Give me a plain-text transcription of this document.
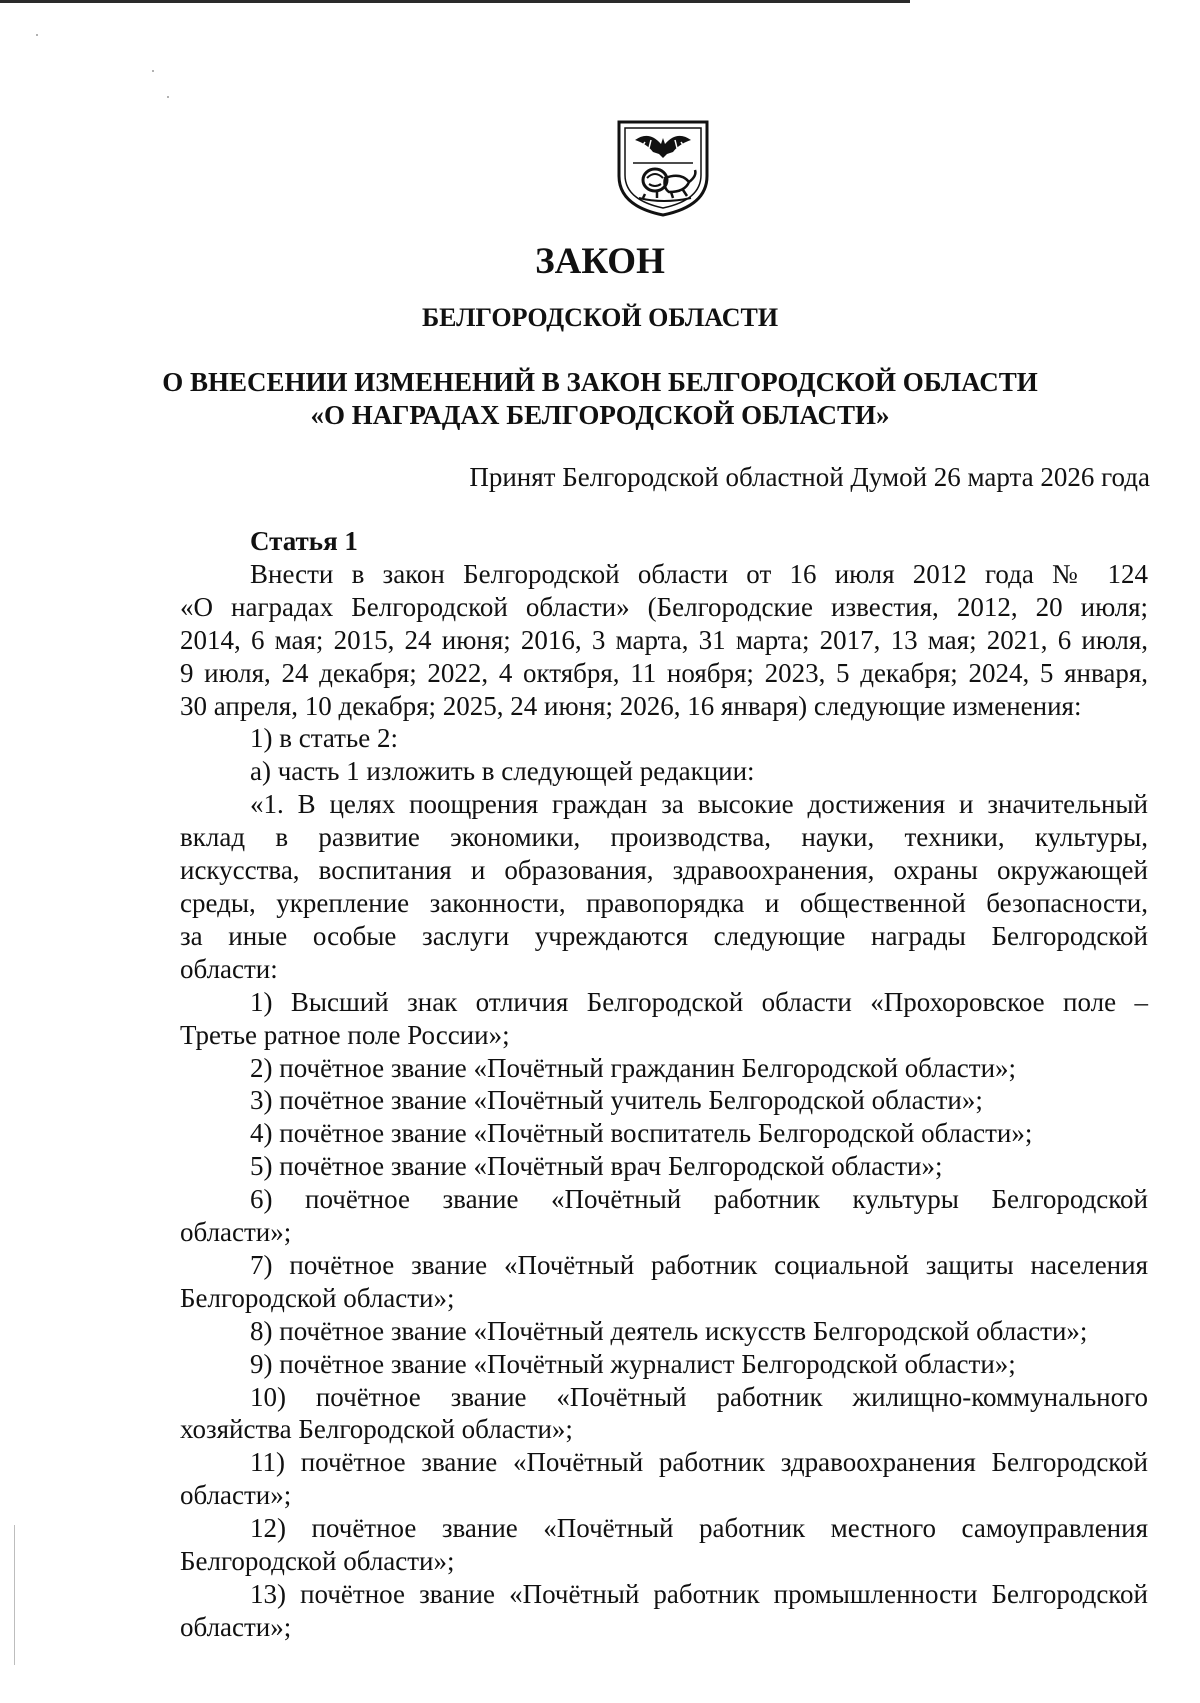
ЗАКОН
БЕЛГОРОДСКОЙ ОБЛАСТИ
О ВНЕСЕНИИ ИЗМЕНЕНИЙ В ЗАКОН БЕЛГОРОДСКОЙ ОБЛАСТИ
«О НАГРАДАХ БЕЛГОРОДСКОЙ ОБЛАСТИ»
Принят Белгородской областной Думой 26 марта 2026 года

Статья 1

Внести в закон Белгородской области от 16 июля 2012 года № 124

«О наградах Белгородской области» (Белгородские известия, 2012, 20 июля;

2014, 6 мая; 2015, 24 июня; 2016, 3 марта, 31 марта; 2017, 13 мая; 2021, 6 июля,

9 июля, 24 декабря; 2022, 4 октября, 11 ноября; 2023, 5 декабря; 2024, 5 января,

30 апреля, 10 декабря; 2025, 24 июня; 2026, 16 января) следующие изменения:

1) в статье 2:

а) часть 1 изложить в следующей редакции:

«1. В целях поощрения граждан за высокие достижения и значительный

вклад в развитие экономики, производства, науки, техники, культуры,

искусства, воспитания и образования, здравоохранения, охраны окружающей

среды, укрепление законности, правопорядка и общественной безопасности,

за иные особые заслуги учреждаются следующие награды Белгородской

области:

1) Высший знак отличия Белгородской области «Прохоровское поле –

Третье ратное поле России»;

2) почётное звание «Почётный гражданин Белгородской области»;

3) почётное звание «Почётный учитель Белгородской области»;

4) почётное звание «Почётный воспитатель Белгородской области»;

5) почётное звание «Почётный врач Белгородской области»;

6) почётное звание «Почётный работник культуры Белгородской

области»;

7) почётное звание «Почётный работник социальной защиты населения

Белгородской области»;

8) почётное звание «Почётный деятель искусств Белгородской области»;

9) почётное звание «Почётный журналист Белгородской области»;

10) почётное звание «Почётный работник жилищно-коммунального

хозяйства Белгородской области»;

11) почётное звание «Почётный работник здравоохранения Белгородской

области»;

12) почётное звание «Почётный работник местного самоуправления

Белгородской области»;

13) почётное звание «Почётный работник промышленности Белгородской

области»;
